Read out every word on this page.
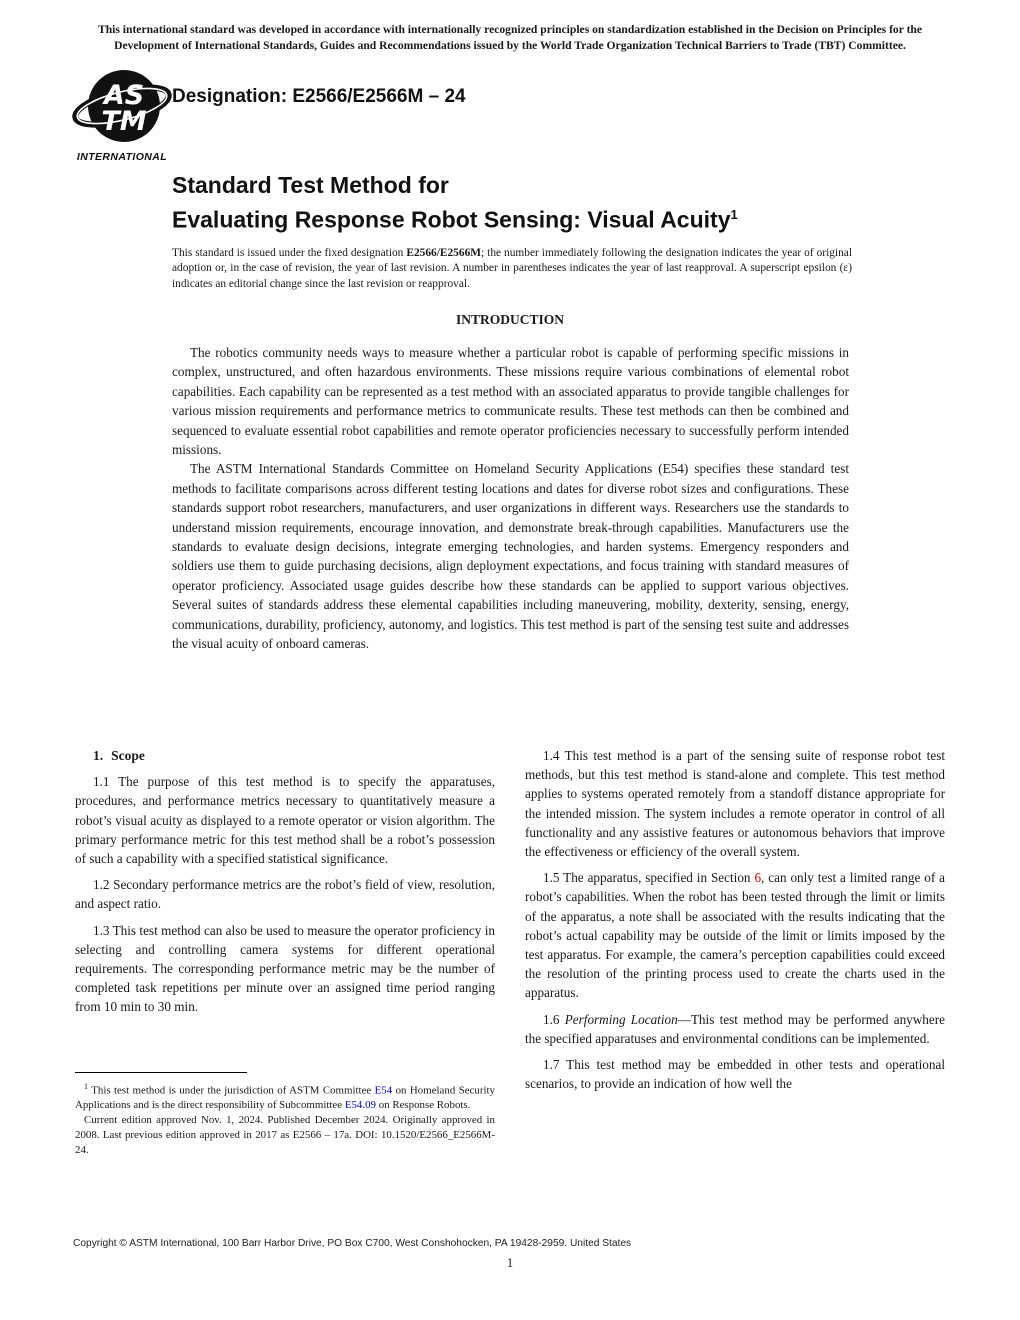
This international standard was developed in accordance with internationally recognized principles on standardization established in the Decision on Principles for the Development of International Standards, Guides and Recommendations issued by the World Trade Organization Technical Barriers to Trade (TBT) Committee.
AS
TM
INTERNATIONAL
Designation: E2566/E2566M – 24
Standard Test Method for
Evaluating Response Robot Sensing: Visual Acuity$^1$
This standard is issued under the fixed designation E2566/E2566M; the number immediately following the designation indicates the year of original adoption or, in the case of revision, the year of last revision. A number in parentheses indicates the year of last reapproval. A superscript epsilon (ε) indicates an editorial change since the last revision or reapproval.
INTRODUCTION

The robotics community needs ways to measure whether a particular robot is capable of performing specific missions in complex, unstructured, and often hazardous environments. These missions require various combinations of elemental robot capabilities. Each capability can be represented as a test method with an associated apparatus to provide tangible challenges for various mission requirements and performance metrics to communicate results. These test methods can then be combined and sequenced to evaluate essential robot capabilities and remote operator proficiencies necessary to successfully perform intended missions.

The ASTM International Standards Committee on Homeland Security Applications (E54) specifies these standard test methods to facilitate comparisons across different testing locations and dates for diverse robot sizes and configurations. These standards support robot researchers, manufacturers, and user organizations in different ways. Researchers use the standards to understand mission requirements, encourage innovation, and demonstrate break-through capabilities. Manufacturers use the standards to evaluate design decisions, integrate emerging technologies, and harden systems. Emergency responders and soldiers use them to guide purchasing decisions, align deployment expectations, and focus training with standard measures of operator proficiency. Associated usage guides describe how these standards can be applied to support various objectives. Several suites of standards address these elemental capabilities including maneuvering, mobility, dexterity, sensing, energy, communications, durability, proficiency, autonomy, and logistics. This test method is part of the sensing test suite and addresses the visual acuity of onboard cameras.

1. Scope

1.1 The purpose of this test method is to specify the apparatuses, procedures, and performance metrics necessary to quantitatively measure a robot’s visual acuity as displayed to a remote operator or vision algorithm. The primary performance metric for this test method shall be a robot’s possession of such a capability with a specified statistical significance.

1.2 Secondary performance metrics are the robot’s field of view, resolution, and aspect ratio.

1.3 This test method can also be used to measure the operator proficiency in selecting and controlling camera systems for different operational requirements. The corresponding performance metric may be the number of completed task repetitions per minute over an assigned time period ranging from 10 min to 30 min.

1.4 This test method is a part of the sensing suite of response robot test methods, but this test method is stand-alone and complete. This test method applies to systems operated remotely from a standoff distance appropriate for the intended mission. The system includes a remote operator in control of all functionality and any assistive features or autonomous behaviors that improve the effectiveness or efficiency of the overall system.

1.5 The apparatus, specified in Section 6, can only test a limited range of a robot’s capabilities. When the robot has been tested through the limit or limits of the apparatus, a note shall be associated with the results indicating that the robot’s actual capability may be outside of the limit or limits imposed by the test apparatus. For example, the camera’s perception capabilities could exceed the resolution of the printing process used to create the charts used in the apparatus.

1.6 Performing Location—This test method may be performed anywhere the specified apparatuses and environmental conditions can be implemented.

1.7 This test method may be embedded in other tests and operational scenarios, to provide an indication of how well the

$^1$ This test method is under the jurisdiction of ASTM Committee E54 on Homeland Security Applications and is the direct responsibility of Subcommittee E54.09 on Response Robots.

Current edition approved Nov. 1, 2024. Published December 2024. Originally approved in 2008. Last previous edition approved in 2017 as E2566 – 17a. DOI: 10.1520/E2566_E2566M-24.

Copyright © ASTM International, 100 Barr Harbor Drive, PO Box C700, West Conshohocken, PA 19428-2959. United States
1
